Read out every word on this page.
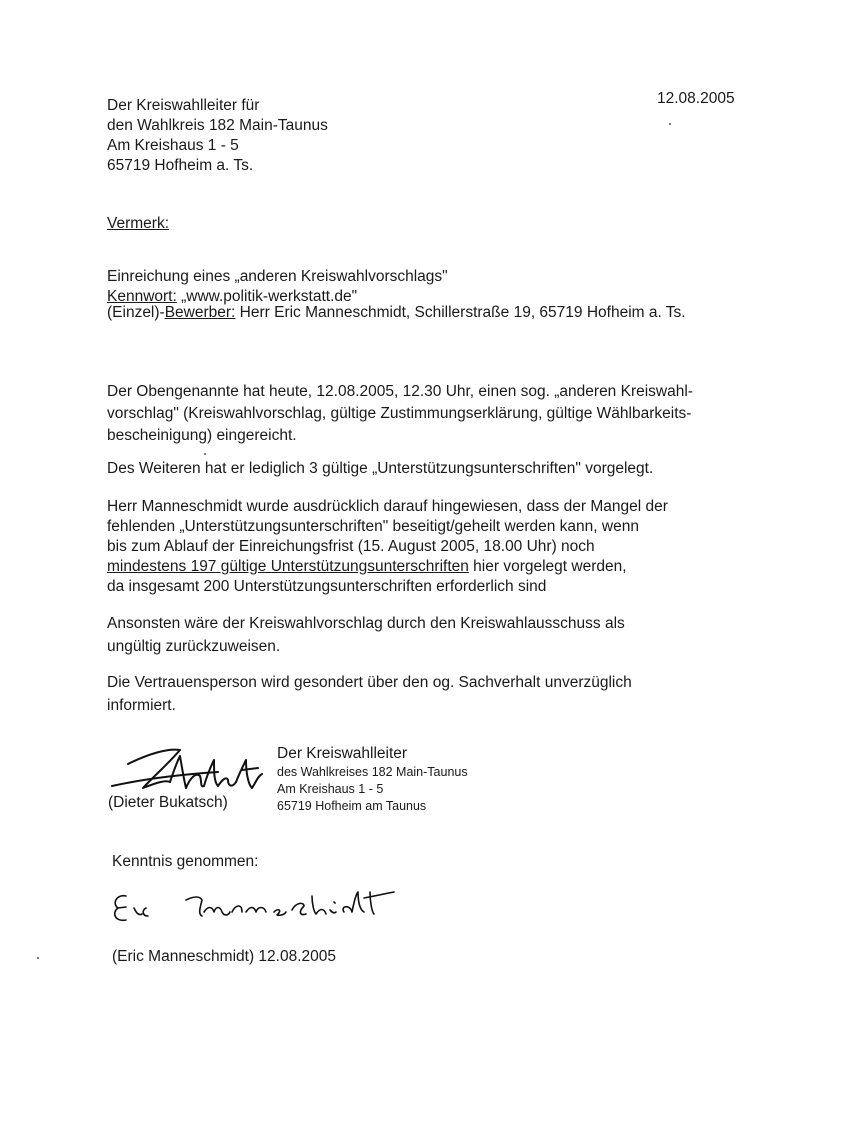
12.08.2005
Der Kreiswahlleiter für
den Wahlkreis 182 Main-Taunus
Am Kreishaus 1 - 5
65719 Hofheim a. Ts.
Vermerk:
Einreichung eines „anderen Kreiswahlvorschlags"
Kennwort: „www.politik-werkstatt.de"
(Einzel)-Bewerber: Herr Eric Manneschmidt, Schillerstraße 19, 65719 Hofheim a. Ts.
Der Obengenannte hat heute, 12.08.2005, 12.30 Uhr, einen sog. „anderen Kreiswahl-
vorschlag" (Kreiswahlvorschlag, gültige Zustimmungserklärung, gültige Wählbarkeits-
bescheinigung) eingereicht.
Des Weiteren hat er lediglich 3 gültige „Unterstützungsunterschriften" vorgelegt.
Herr Manneschmidt wurde ausdrücklich darauf hingewiesen, dass der Mangel der
fehlenden „Unterstützungsunterschriften" beseitigt/geheilt werden kann, wenn
bis zum Ablauf der Einreichungsfrist (15. August 2005, 18.00 Uhr) noch
mindestens 197 gültige Unterstützungsunterschriften hier vorgelegt werden,
da insgesamt 200 Unterstützungsunterschriften erforderlich sind
Ansonsten wäre der Kreiswahlvorschlag durch den Kreiswahlausschuss als
ungültig zurückzuweisen.
Die Vertrauensperson wird gesondert über den og. Sachverhalt unverzüglich
informiert.
(Dieter Bukatsch)
Der Kreiswahlleiter
des Wahlkreises 182 Main-Taunus
Am Kreishaus 1 - 5
65719 Hofheim am Taunus
Kenntnis genommen:
(Eric Manneschmidt) 12.08.2005
